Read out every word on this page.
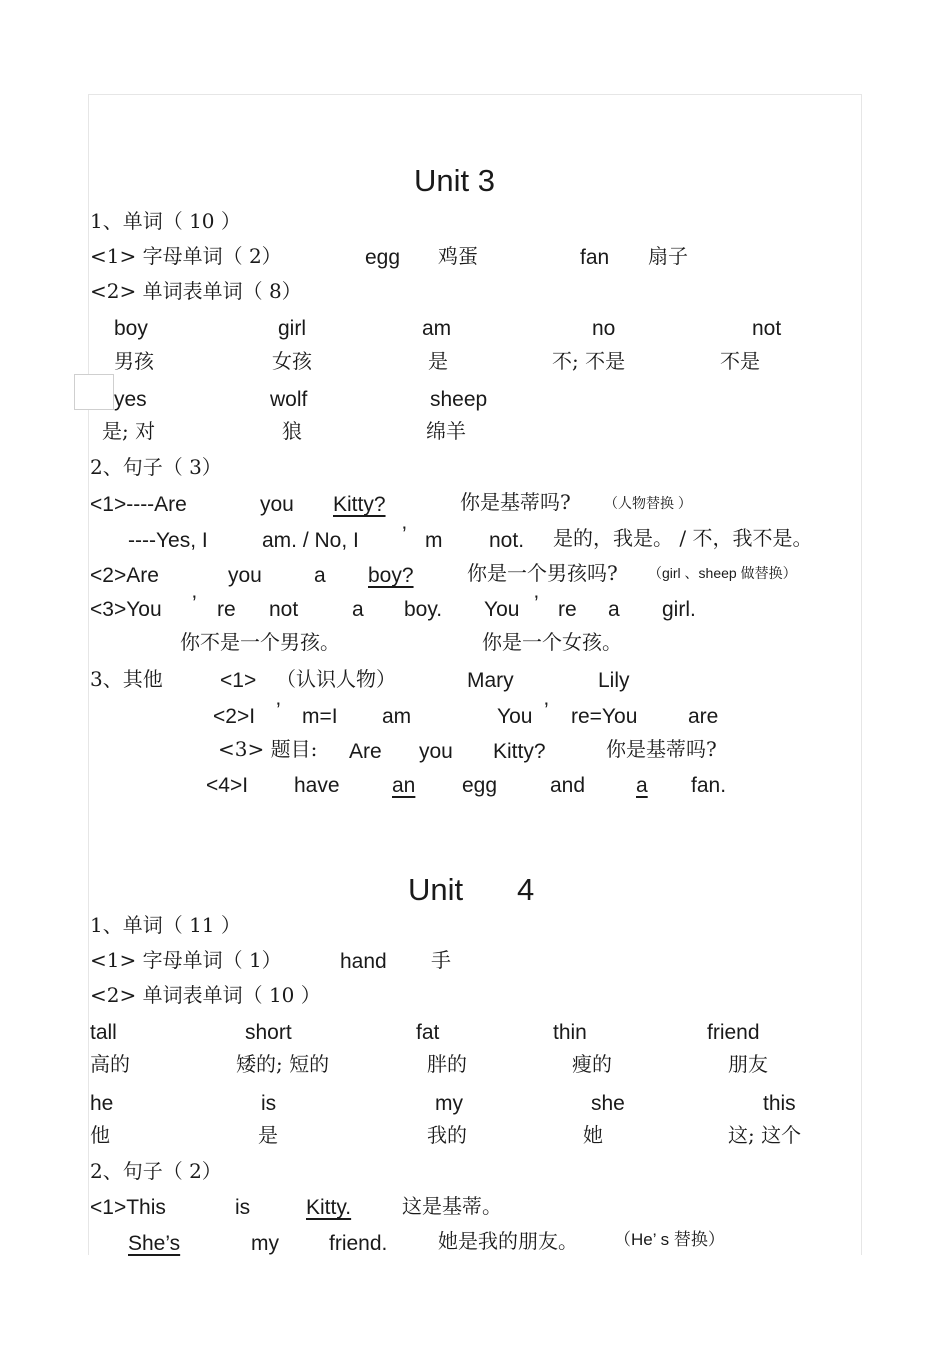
Unit 3
1、单词（ 10 ）
<1> 字母单词（ 2）	egg 鸡蛋	fan 扇子
<2> 单词表单词（ 8）
boy	girl	am	no	not
男孩	女孩	是	不; 不是	不是
yes	wolf	sheep
是; 对	狼	绵羊
2、句子（ 3）
<1>----Are	you Kitty?	你是基蒂吗? （人物替换 ）
----Yes, I	am. / No, I ’ m not. 是的，我是。 / 不，我不是。
<2>Are	you a boy?	你是一个男孩吗? （girl 、sheep 做替换）
<3>You ’ re not	a boy. You ’ re a girl.
你不是一个男孩。	你是一个女孩。
3、其他	<1> （认识人物）	Mary	Lily
<2>I ’ m=I am	You ’ re=You are
<3> 题目: Are you Kitty?	你是基蒂吗?
<4>I have an egg	and a fan.
Unit 4
1、单词（ 11 ）
<1> 字母单词（ 1）	hand 手
<2> 单词表单词（ 10 ）
tall	short	fat	thin	friend
高的	矮的; 短的	胖的	瘦的	朋友
he	is	my	she	this
他	是	我的	她	这; 这个
2、句子（ 2）
<1>This	is	Kitty.	这是基蒂。
She’s	my friend.	她是我的朋友。 （He’ s 替换）
